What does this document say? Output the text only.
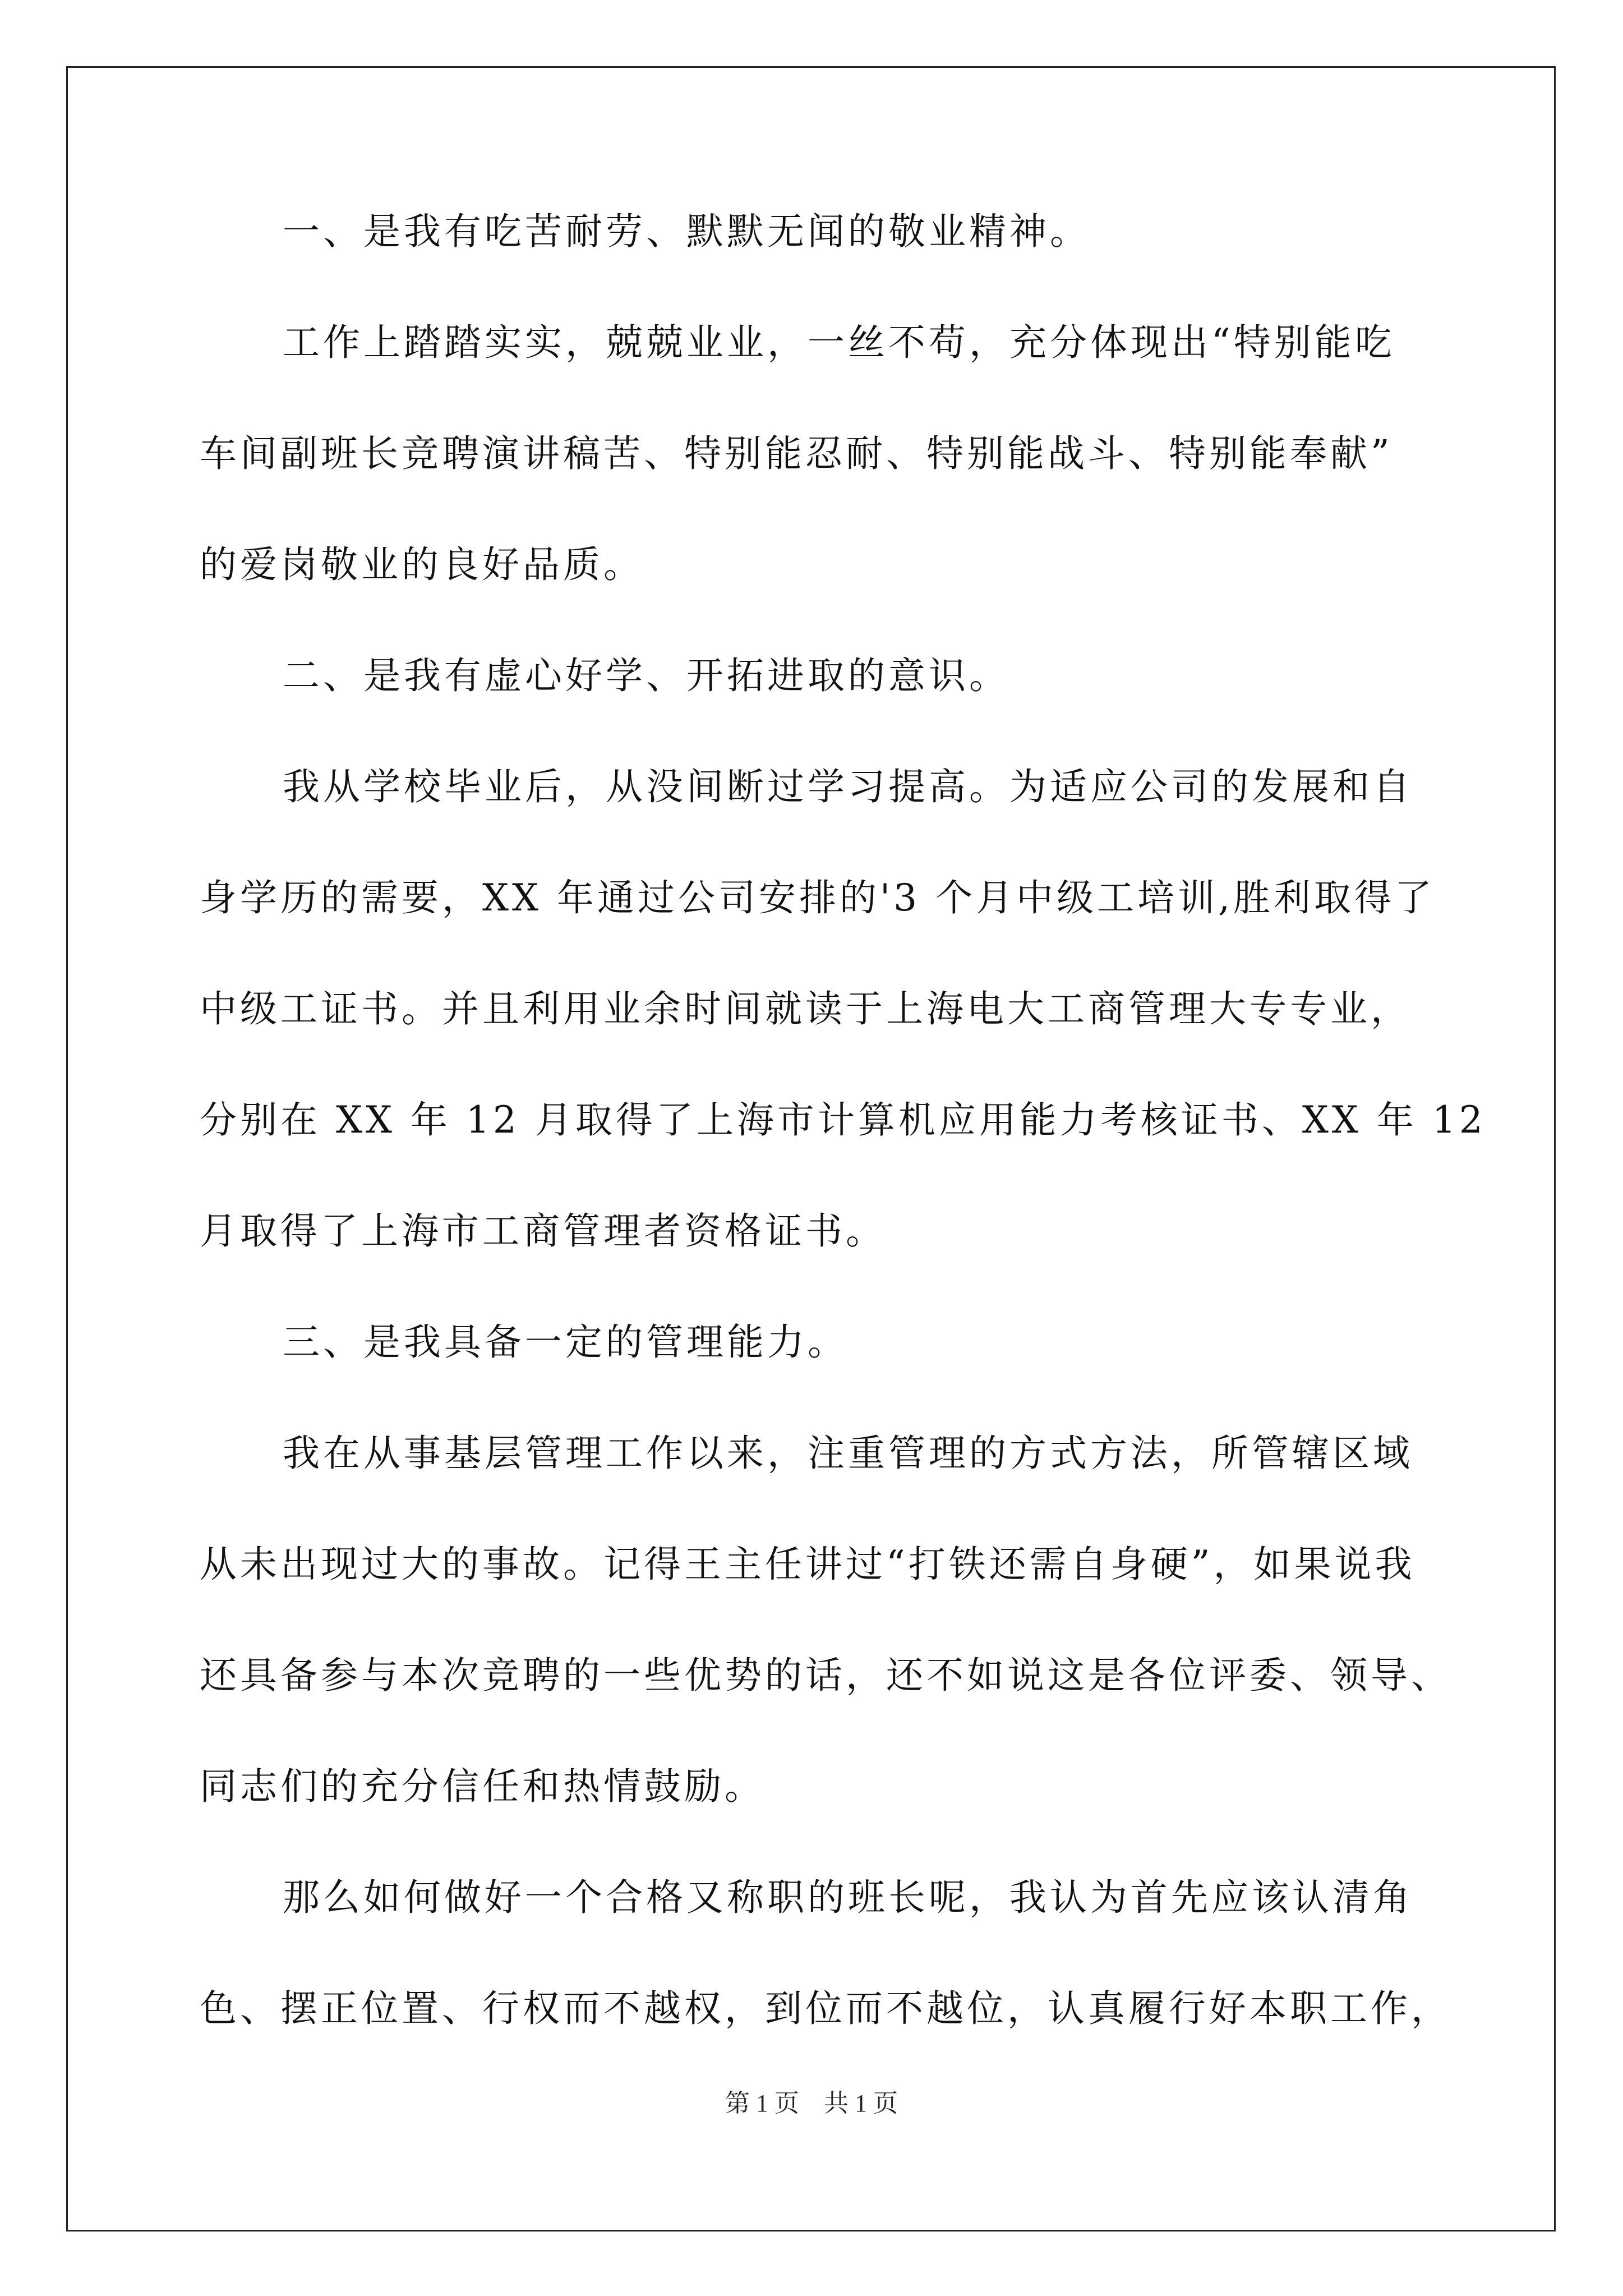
一、是我有吃苦耐劳、默默无闻的敬业精神。
工作上踏踏实实，兢兢业业，一丝不苟，充分体现出“特别能吃
车间副班长竞聘演讲稿苦、特别能忍耐、特别能战斗、特别能奉献”
的爱岗敬业的良好品质。
二、是我有虚心好学、开拓进取的意识。
我从学校毕业后，从没间断过学习提高。为适应公司的发展和自
身学历的需要，XX 年通过公司安排的'3 个月中级工培训,胜利取得了
中级工证书。并且利用业余时间就读于上海电大工商管理大专专业，
分别在 XX 年 12 月取得了上海市计算机应用能力考核证书、XX 年 12
月取得了上海市工商管理者资格证书。
三、是我具备一定的管理能力。
我在从事基层管理工作以来，注重管理的方式方法，所管辖区域
从未出现过大的事故。记得王主任讲过“打铁还需自身硬”，如果说我
还具备参与本次竞聘的一些优势的话，还不如说这是各位评委、领导、
同志们的充分信任和热情鼓励。
那么如何做好一个合格又称职的班长呢，我认为首先应该认清角
色、摆正位置、行权而不越权，到位而不越位，认真履行好本职工作，
第 1 页　共 1 页
